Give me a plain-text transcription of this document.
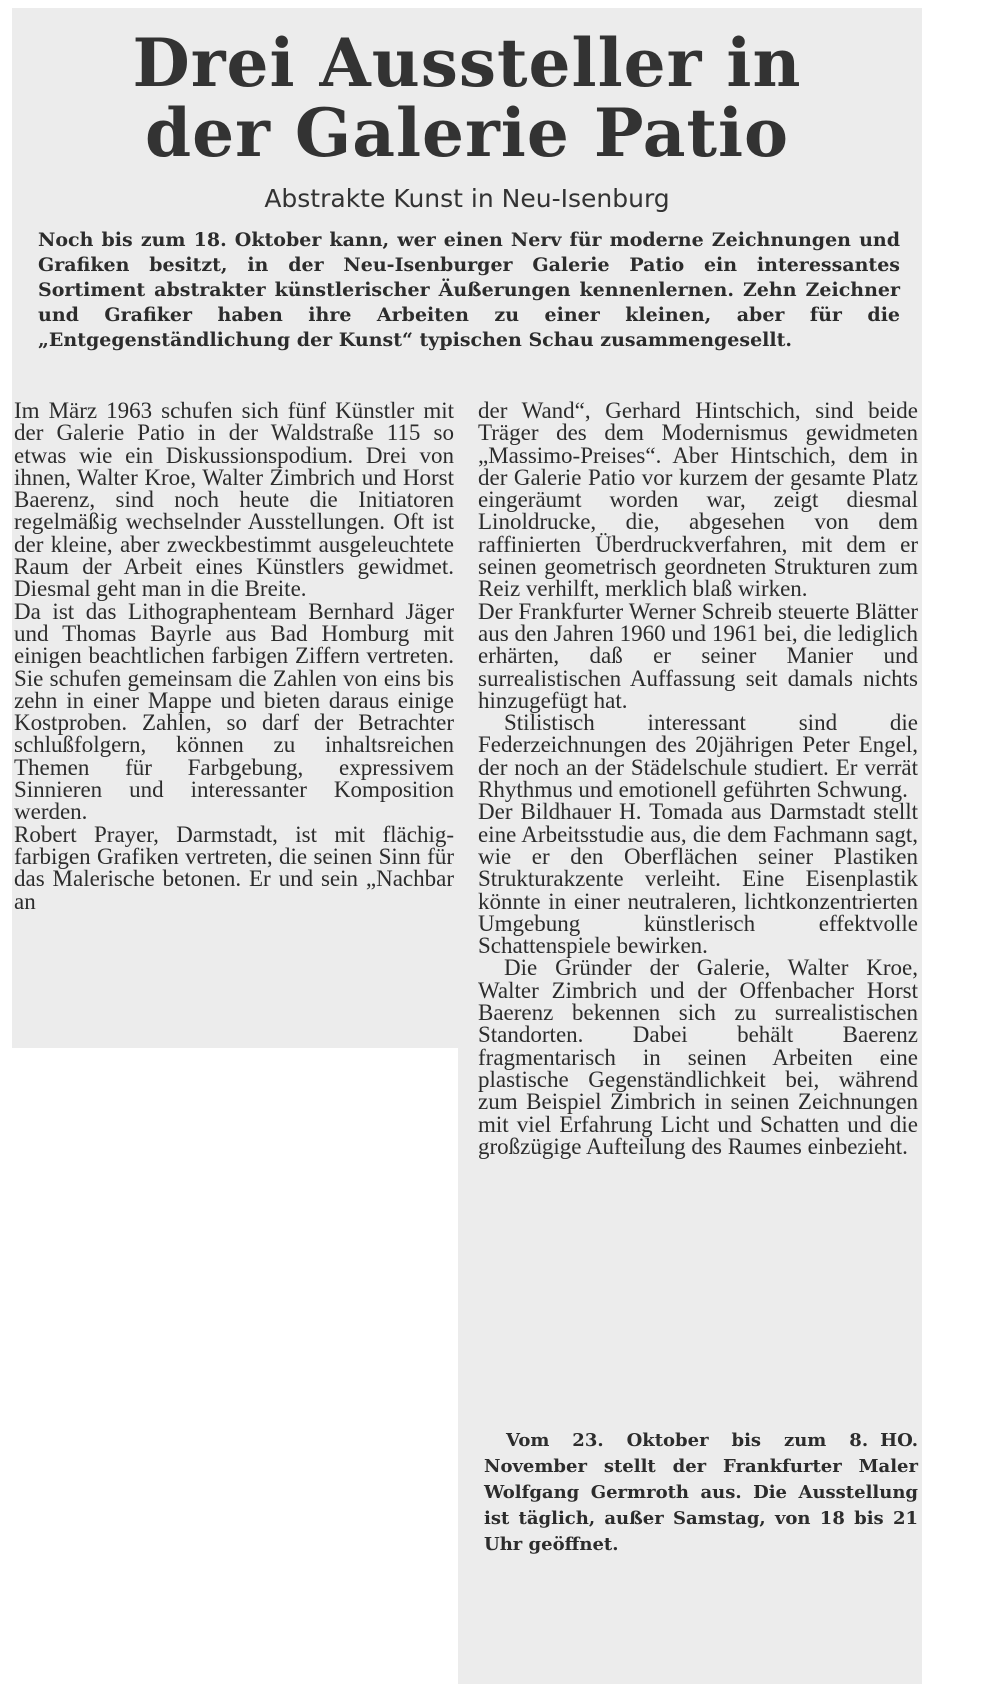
Drei Aussteller in
der Galerie Patio
Abstrakte Kunst in Neu-Isenburg
Noch bis zum 18. Oktober kann, wer einen Nerv für moderne Zeichnungen und Grafiken besitzt, in der Neu-Isenburger Galerie Patio ein interessantes Sortiment abstrakter künstlerischer Äußerungen kennenlernen. Zehn Zeichner und Grafiker haben ihre Arbeiten zu einer kleinen, aber für die „Entgegenständlichung der Kunst“ typischen Schau zusammengesellt.

Im März 1963 schufen sich fünf Künstler mit der Galerie Patio in der Waldstraße 115 so etwas wie ein Diskussionspodium. Drei von ihnen, Walter Kroe, Walter Zimbrich und Horst Baerenz, sind noch heute die Initiatoren regelmäßig wechselnder Ausstellungen. Oft ist der kleine, aber zweckbestimmt ausgeleuchtete Raum der Arbeit eines Künstlers gewidmet. Diesmal geht man in die Breite.

Da ist das Lithographenteam Bernhard Jäger und Thomas Bayrle aus Bad Homburg mit einigen beachtlichen farbigen Ziffern vertreten. Sie schufen gemeinsam die Zahlen von eins bis zehn in einer Mappe und bieten daraus einige Kostproben. Zahlen, so darf der Betrachter schlußfolgern, können zu inhaltsreichen Themen für Farbgebung, expressivem Sinnieren und interessanter Komposition werden.

Robert Prayer, Darmstadt, ist mit flächig-farbigen Grafiken vertreten, die seinen Sinn für das Malerische betonen. Er und sein „Nachbar an

der Wand“, Gerhard Hintschich, sind beide Träger des dem Modernismus gewidmeten „Massimo-Preises“. Aber Hintschich, dem in der Galerie Patio vor kurzem der gesamte Platz eingeräumt worden war, zeigt diesmal Linoldrucke, die, abgesehen von dem raffinierten Überdruckverfahren, mit dem er seinen geometrisch geordneten Strukturen zum Reiz verhilft, merklich blaß wirken.

Der Frankfurter Werner Schreib steuerte Blätter aus den Jahren 1960 und 1961 bei, die lediglich erhärten, daß er seiner Manier und surrealistischen Auffassung seit damals nichts hinzugefügt hat.

Stilistisch interessant sind die Federzeichnungen des 20jährigen Peter Engel, der noch an der Städelschule studiert. Er verrät Rhythmus und emotionell geführten Schwung.

Der Bildhauer H. Tomada aus Darmstadt stellt eine Arbeitsstudie aus, die dem Fachmann sagt, wie er den Oberflächen seiner Plastiken Strukturakzente verleiht. Eine Eisenplastik könnte in einer neutraleren, lichtkonzentrierten Umgebung künstlerisch effektvolle Schattenspiele bewirken.

Die Gründer der Galerie, Walter Kroe, Walter Zimbrich und der Offenbacher Horst Baerenz bekennen sich zu surrealistischen Standorten. Dabei behält Baerenz fragmentarisch in seinen Arbeiten eine plastische Gegenständlichkeit bei, während zum Beispiel Zimbrich in seinen Zeichnungen mit viel Erfahrung Licht und Schatten und die großzügige Aufteilung des Raumes einbezieht.

HO.
Vom 23. Oktober bis zum 8. November stellt der Frankfurter Maler Wolfgang Germroth aus. Die Ausstellung ist täglich, außer Samstag, von 18 bis 21 Uhr geöffnet.
